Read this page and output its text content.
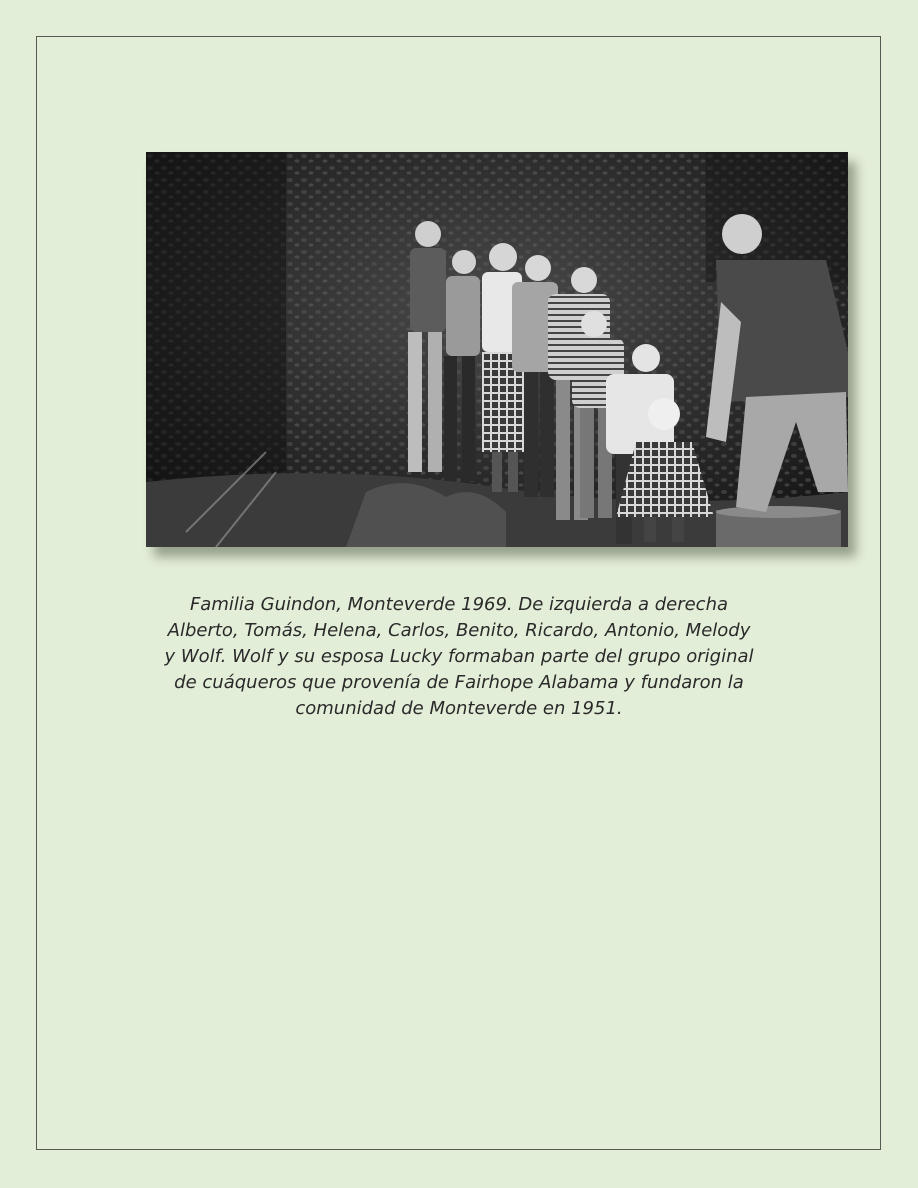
Familia Guindon, Monteverde 1969. De izquierda a derecha
Alberto, Tomás, Helena, Carlos, Benito, Ricardo, Antonio, Melody
y Wolf. Wolf y su esposa Lucky formaban parte del grupo original
de cuáqueros que provenía de Fairhope Alabama y fundaron la
comunidad de Monteverde en 1951.
